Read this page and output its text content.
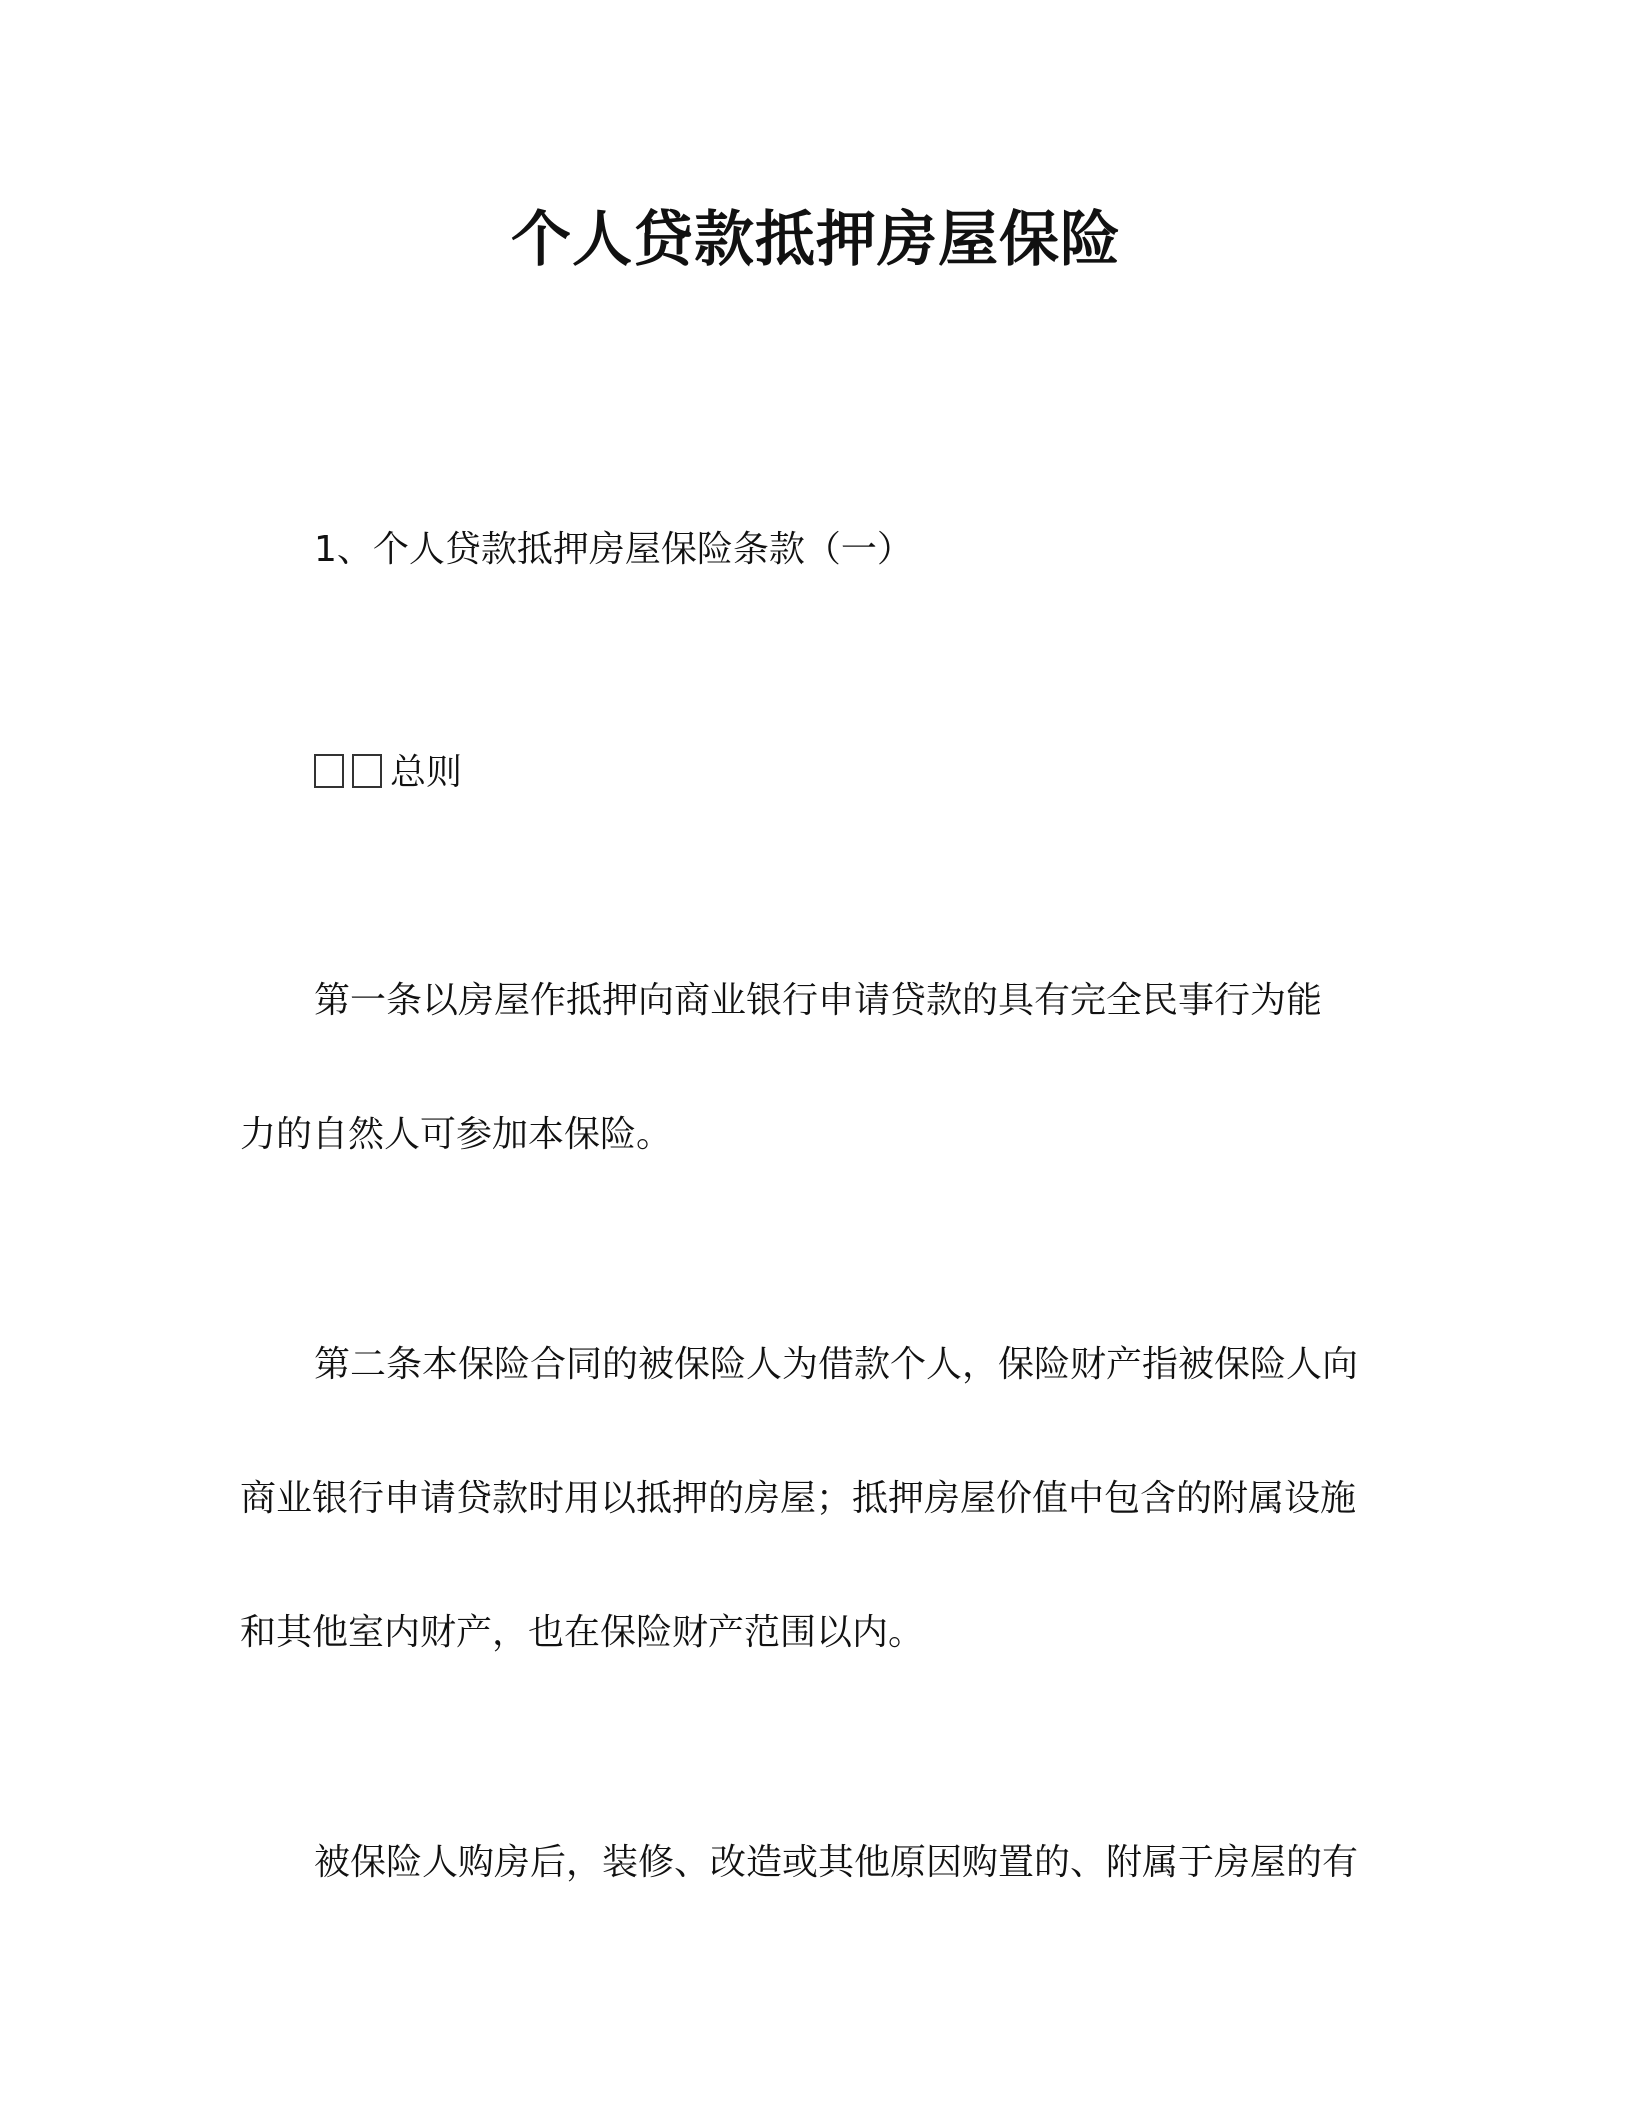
个人贷款抵押房屋保险
1、个人贷款抵押房屋保险条款（一）
总则
第一条以房屋作抵押向商业银行申请贷款的具有完全民事行为能
力的自然人可参加本保险。
第二条本保险合同的被保险人为借款个人，保险财产指被保险人向
商业银行申请贷款时用以抵押的房屋；抵押房屋价值中包含的附属设施
和其他室内财产，也在保险财产范围以内。
被保险人购房后，装修、改造或其他原因购置的、附属于房屋的有
